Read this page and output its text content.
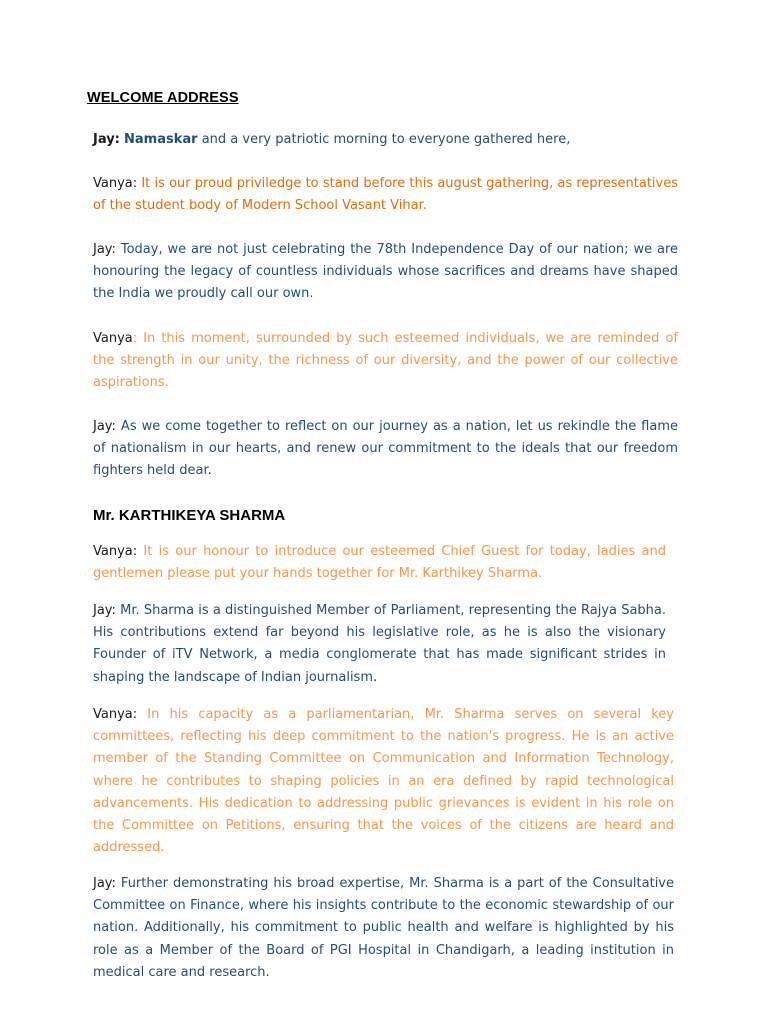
WELCOME ADDRESS

Jay: Namaskar and a very patriotic morning to everyone gathered here,

Vanya: It is our proud priviledge to stand before this august gathering, as representatives of the student body of Modern School Vasant Vihar.

Jay: Today, we are not just celebrating the 78th Independence Day of our nation; we are honouring the legacy of countless individuals whose sacrifices and dreams have shaped the India we proudly call our own.

Vanya: In this moment, surrounded by such esteemed individuals, we are reminded of the strength in our unity, the richness of our diversity, and the power of our collective aspirations.

Jay: As we come together to reflect on our journey as a nation, let us rekindle the flame of nationalism in our hearts, and renew our commitment to the ideals that our freedom fighters held dear.

Mr. KARTHIKEYA SHARMA

Vanya: It is our honour to introduce our esteemed Chief Guest for today, ladies and gentlemen please put your hands together for Mr. Karthikey Sharma.

Jay: Mr. Sharma is a distinguished Member of Parliament, representing the Rajya Sabha. His contributions extend far beyond his legislative role, as he is also the visionary Founder of iTV Network, a media conglomerate that has made significant strides in shaping the landscape of Indian journalism.

Vanya: In his capacity as a parliamentarian, Mr. Sharma serves on several key committees, reflecting his deep commitment to the nation's progress. He is an active member of the Standing Committee on Communication and Information Technology, where he contributes to shaping policies in an era defined by rapid technological advancements. His dedication to addressing public grievances is evident in his role on the Committee on Petitions, ensuring that the voices of the citizens are heard and addressed.

Jay: Further demonstrating his broad expertise, Mr. Sharma is a part of the Consultative Committee on Finance, where his insights contribute to the economic stewardship of our nation. Additionally, his commitment to public health and welfare is highlighted by his role as a Member of the Board of PGI Hospital in Chandigarh, a leading institution in medical care and research.
